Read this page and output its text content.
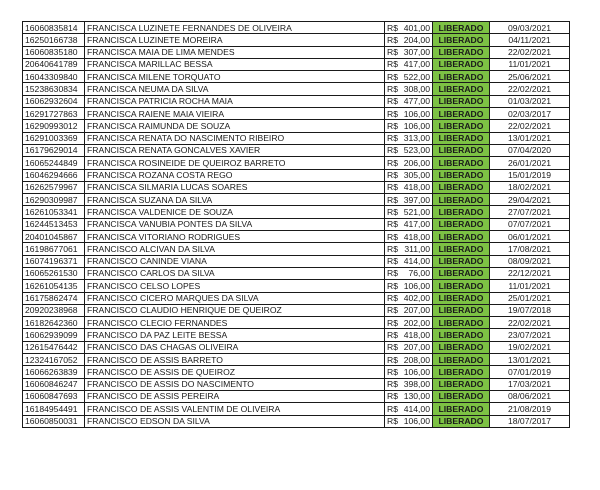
16060835814	FRANCISCA LUZINETE FERNANDES DE OLIVEIRA	R$ 401,00	LIBERADO	09/03/2021
16250166738	FRANCISCA LUZINETE MOREIRA	R$ 204,00	LIBERADO	04/11/2021
16060835180	FRANCISCA MAIA DE LIMA MENDES	R$ 307,00	LIBERADO	22/02/2021
20640641789	FRANCISCA MARILLAC BESSA	R$ 417,00	LIBERADO	11/01/2021
16043309840	FRANCISCA MILENE TORQUATO	R$ 522,00	LIBERADO	25/06/2021
15238630834	FRANCISCA NEUMA DA SILVA	R$ 308,00	LIBERADO	22/02/2021
16062932604	FRANCISCA PATRICIA ROCHA MAIA	R$ 477,00	LIBERADO	01/03/2021
16291727863	FRANCISCA RAIENE MAIA VIEIRA	R$ 106,00	LIBERADO	02/03/2017
16290993012	FRANCISCA RAIMUNDA DE SOUZA	R$ 106,00	LIBERADO	22/02/2021
16291003369	FRANCISCA RENATA DO NASCIMENTO RIBEIRO	R$ 313,00	LIBERADO	13/01/2021
16179629014	FRANCISCA RENATA GONCALVES XAVIER	R$ 523,00	LIBERADO	07/04/2020
16065244849	FRANCISCA ROSINEIDE DE QUEIROZ BARRETO	R$ 206,00	LIBERADO	26/01/2021
16046294666	FRANCISCA ROZANA COSTA REGO	R$ 305,00	LIBERADO	15/01/2019
16262579967	FRANCISCA SILMARIA LUCAS SOARES	R$ 418,00	LIBERADO	18/02/2021
16290309987	FRANCISCA SUZANA DA SILVA	R$ 397,00	LIBERADO	29/04/2021
16261053341	FRANCISCA VALDENICE DE SOUZA	R$ 521,00	LIBERADO	27/07/2021
16244513453	FRANCISCA VANUBIA PONTES DA SILVA	R$ 417,00	LIBERADO	07/07/2021
20401045867	FRANCISCA VITORIANO RODRIGUES	R$ 418,00	LIBERADO	06/01/2021
16198677061	FRANCISCO ALCIVAN DA SILVA	R$ 311,00	LIBERADO	17/08/2021
16074196371	FRANCISCO CANINDE VIANA	R$ 414,00	LIBERADO	08/09/2021
16065261530	FRANCISCO CARLOS DA SILVA	R$ 76,00	LIBERADO	22/12/2021
16261054135	FRANCISCO CELSO LOPES	R$ 106,00	LIBERADO	11/01/2021
16175862474	FRANCISCO CICERO MARQUES DA SILVA	R$ 402,00	LIBERADO	25/01/2021
20920238968	FRANCISCO CLAUDIO HENRIQUE DE QUEIROZ	R$ 207,00	LIBERADO	19/07/2018
16182642360	FRANCISCO CLECIO FERNANDES	R$ 202,00	LIBERADO	22/02/2021
16062939099	FRANCISCO DA PAZ LEITE BESSA	R$ 418,00	LIBERADO	23/07/2021
12615476442	FRANCISCO DAS CHAGAS OLIVEIRA	R$ 207,00	LIBERADO	19/02/2021
12324167052	FRANCISCO DE ASSIS BARRETO	R$ 208,00	LIBERADO	13/01/2021
16066263839	FRANCISCO DE ASSIS DE QUEIROZ	R$ 106,00	LIBERADO	07/01/2019
16060846247	FRANCISCO DE ASSIS DO NASCIMENTO	R$ 398,00	LIBERADO	17/03/2021
16060847693	FRANCISCO DE ASSIS PEREIRA	R$ 130,00	LIBERADO	08/06/2021
16184954491	FRANCISCO DE ASSIS VALENTIM DE OLIVEIRA	R$ 414,00	LIBERADO	21/08/2019
16060850031	FRANCISCO EDSON DA SILVA	R$ 106,00	LIBERADO	18/07/2017
